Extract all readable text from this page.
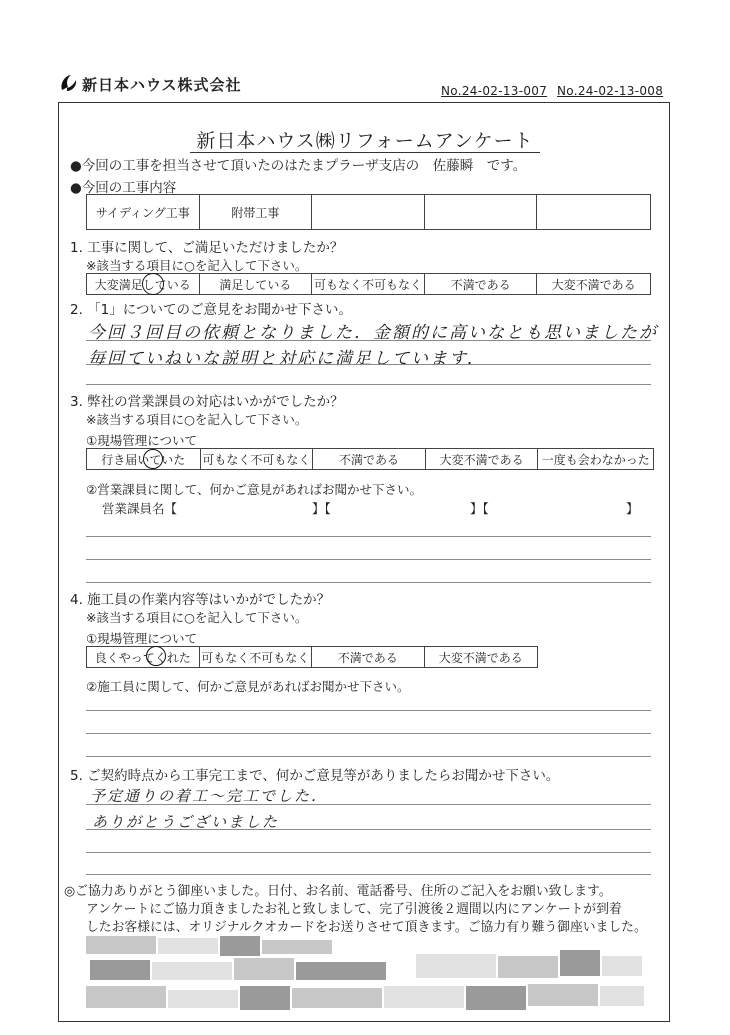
新日本ハウス株式会社	No.24-02-13-007 No.24-02-13-008
新日本ハウス㈱リフォームアンケート
●今回の工事を担当させて頂いたのはたまプラーザ支店の　佐藤瞬　です。
●今回の工事内容
サイディング工事	附帯工事
1. 工事に関して、ご満足いただけましたか？
※該当する項目に○を記入して下さい。
大変満足している	満足している	可もなく不可もなく	不満である	大変不満である
2. 「1」についてのご意見をお聞かせ下さい。
今回３回目の依頼となりました．金額的に高いなとも思いましたが
毎回ていねいな説明と対応に満足しています．
3. 弊社の営業課員の対応はいかがでしたか？
※該当する項目に○を記入して下さい。
①現場管理について
行き届いていた	可もなく不可もなく	不満である	大変不満である	一度も会わなかった
②営業課員に関して、何かご意見があればお聞かせ下さい。
営業課員名【	】【	】【	】
4. 施工員の作業内容等はいかがでしたか？
※該当する項目に○を記入して下さい。
①現場管理について
良くやってくれた 可もなく不可もなく	不満である	大変不満である
②施工員に関して、何かご意見があればお聞かせ下さい。
5. ご契約時点から工事完工まで、何かご意見等がありましたらお聞かせ下さい。
予定通りの着工～完工でした．
ありがとうございました
◎ご協力ありがとう御座いました。日付、お名前、電話番号、住所のご記入をお願い致します。
アンケートにご協力頂きましたお礼と致しまして、完了引渡後２週間以内にアンケートが到着
したお客様には、オリジナルクオカードをお送りさせて頂きます。ご協力有り難う御座いました。
